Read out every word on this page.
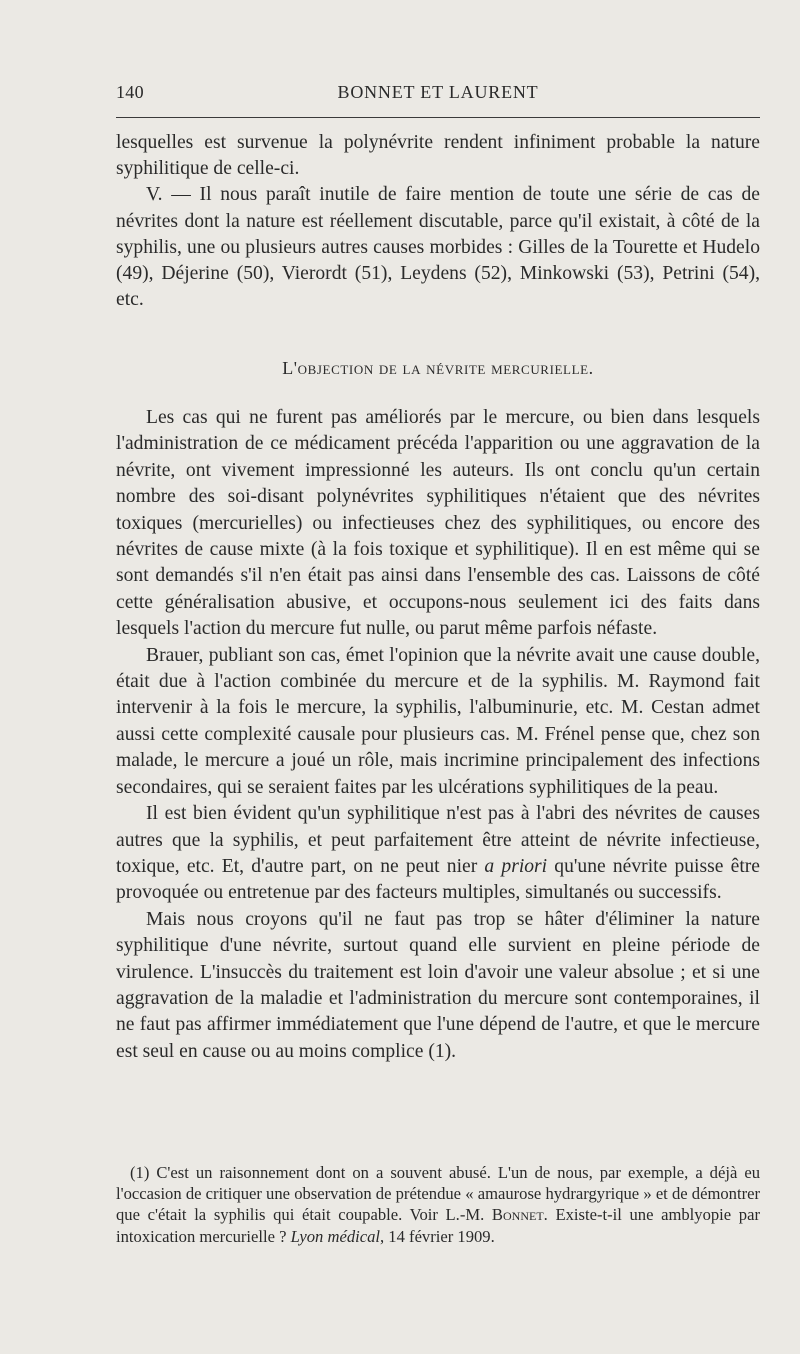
140	BONNET ET LAURENT

lesquelles est survenue la polynévrite rendent infiniment probable la nature syphilitique de celle-ci.

V. — Il nous paraît inutile de faire mention de toute une série de cas de névrites dont la nature est réellement discutable, parce qu'il existait, à côté de la syphilis, une ou plusieurs autres causes morbides : Gilles de la Tourette et Hudelo (49), Déjerine (50), Vierordt (51), Leydens (52), Minkowski (53), Petrini (54), etc.

L'objection de la névrite mercurielle.

Les cas qui ne furent pas améliorés par le mercure, ou bien dans lesquels l'administration de ce médicament précéda l'apparition ou une aggravation de la névrite, ont vivement impressionné les auteurs. Ils ont conclu qu'un certain nombre des soi-disant polynévrites syphilitiques n'étaient que des névrites toxiques (mercurielles) ou infectieuses chez des syphilitiques, ou encore des névrites de cause mixte (à la fois toxique et syphilitique). Il en est même qui se sont demandés s'il n'en était pas ainsi dans l'ensemble des cas. Laissons de côté cette généralisation abusive, et occupons-nous seulement ici des faits dans lesquels l'action du mercure fut nulle, ou parut même parfois néfaste.

Brauer, publiant son cas, émet l'opinion que la névrite avait une cause double, était due à l'action combinée du mercure et de la syphilis. M. Raymond fait intervenir à la fois le mercure, la syphilis, l'albuminurie, etc. M. Cestan admet aussi cette complexité causale pour plusieurs cas. M. Frénel pense que, chez son malade, le mercure a joué un rôle, mais incrimine principalement des infections secondaires, qui se seraient faites par les ulcérations syphilitiques de la peau.

Il est bien évident qu'un syphilitique n'est pas à l'abri des névrites de causes autres que la syphilis, et peut parfaitement être atteint de névrite infectieuse, toxique, etc. Et, d'autre part, on ne peut nier a priori qu'une névrite puisse être provoquée ou entretenue par des facteurs multiples, simultanés ou successifs.

Mais nous croyons qu'il ne faut pas trop se hâter d'éliminer la nature syphilitique d'une névrite, surtout quand elle survient en pleine période de virulence. L'insuccès du traitement est loin d'avoir une valeur absolue ; et si une aggravation de la maladie et l'administration du mercure sont contemporaines, il ne faut pas affirmer immédiatement que l'une dépend de l'autre, et que le mercure est seul en cause ou au moins complice (1).

(1) C'est un raisonnement dont on a souvent abusé. L'un de nous, par exemple, a déjà eu l'occasion de critiquer une observation de prétendue « amaurose hydrargyrique » et de démontrer que c'était la syphilis qui était coupable. Voir L.-M. Bonnet. Existe-t-il une amblyopie par intoxication mercurielle ? Lyon médical, 14 février 1909.
